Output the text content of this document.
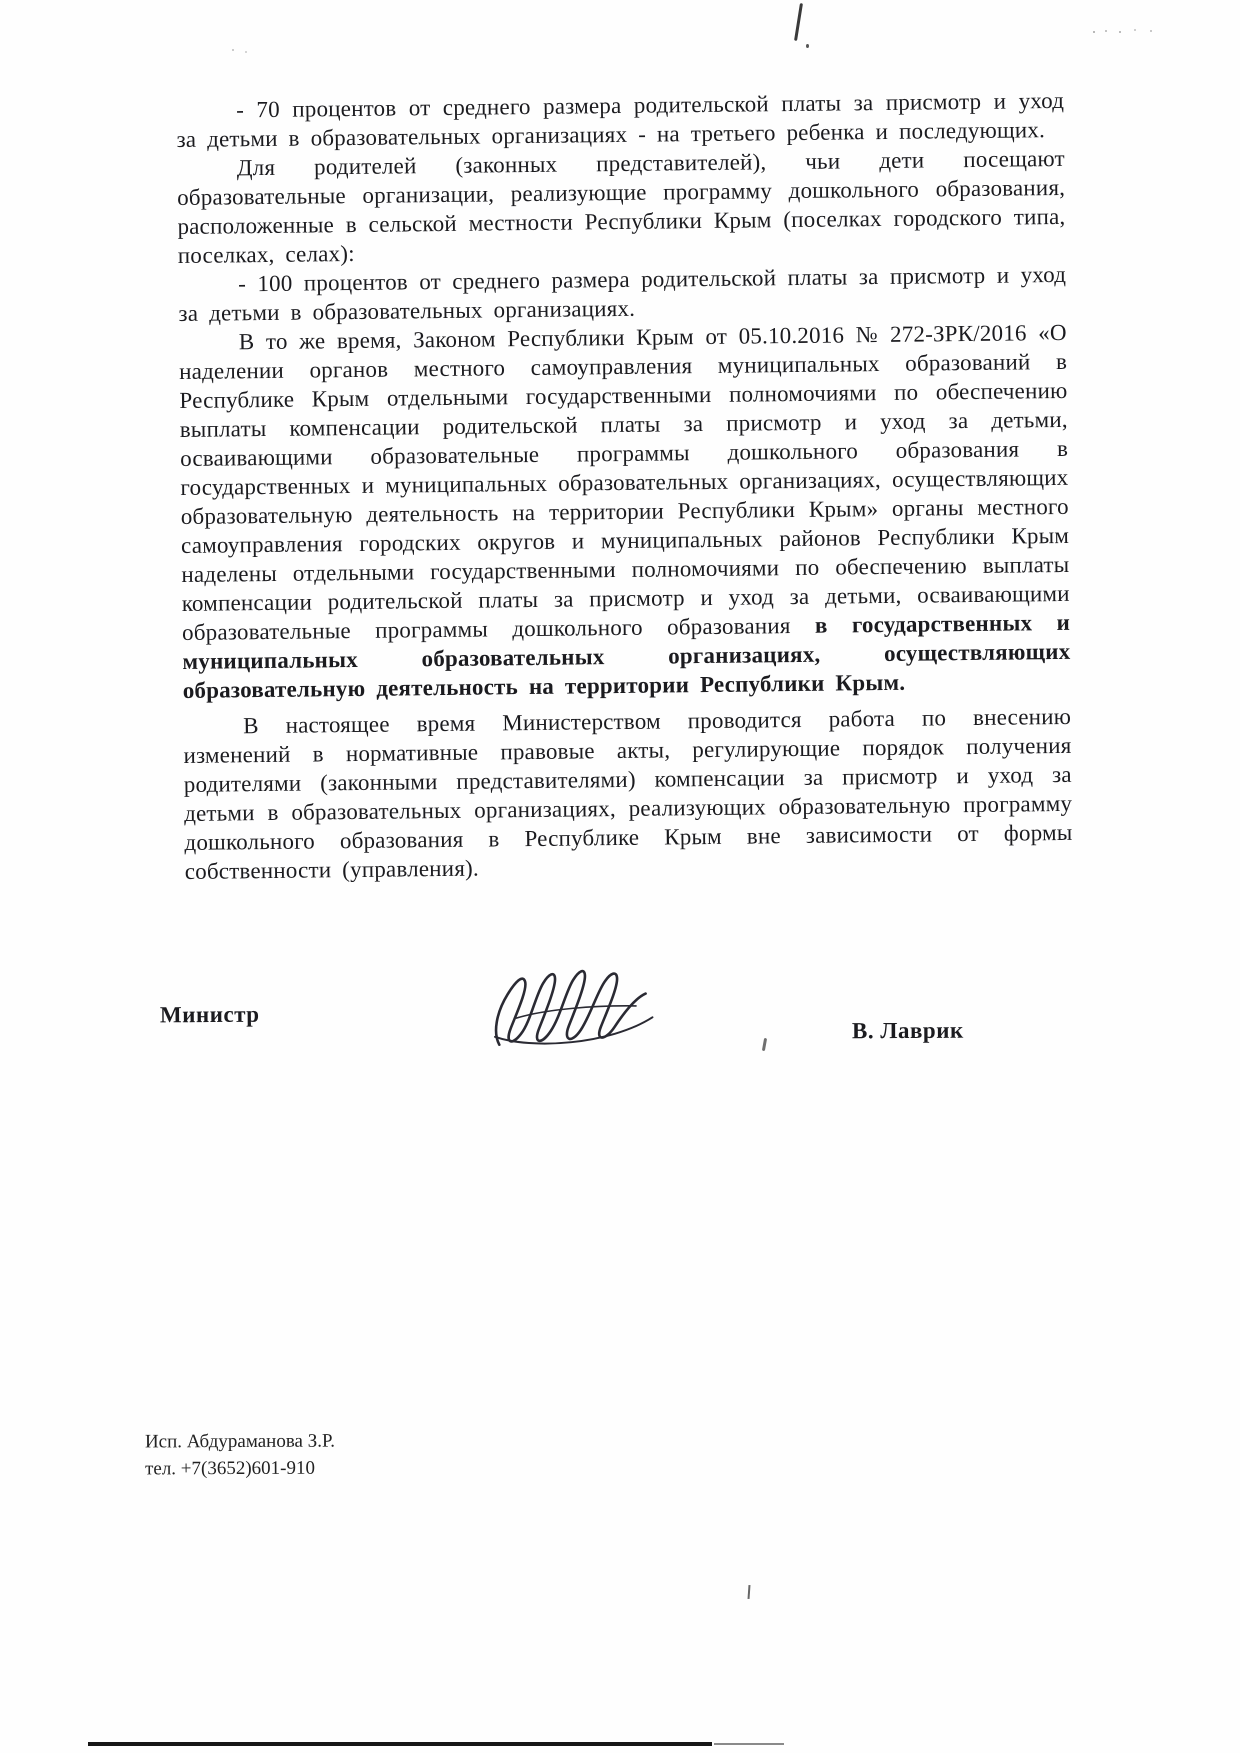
- 70 процентов от среднего размера родительской платы за присмотр и уход за детьми в образовательных организациях - на третьего ребенка и последующих.

Для родителей (законных представителей), чьи дети посещают образовательные организации, реализующие программу дошкольного образования, расположенные в сельской местности Республики Крым (поселках городского типа, поселках, селах):

- 100 процентов от среднего размера родительской платы за присмотр и уход за детьми в образовательных организациях.

В то же время, Законом Республики Крым от 05.10.2016 № 272-ЗРК/2016 «О наделении органов местного самоуправления муниципальных образований в Республике Крым отдельными государственными полномочиями по обеспечению выплаты компенсации родительской платы за присмотр и уход за детьми, осваивающими образовательные программы дошкольного образования в государственных и муниципальных образовательных организациях, осуществляющих образовательную деятельность на территории Республики Крым» органы местного самоуправления городских округов и муниципальных районов Республики Крым наделены отдельными государственными полномочиями по обеспечению выплаты компенсации родительской платы за присмотр и уход за детьми, осваивающими образовательные программы дошкольного образования в государственных и муниципальных образовательных организациях, осуществляющих образовательную деятельность на территории Республики Крым.

В настоящее время Министерством проводится работа по внесению изменений в нормативные правовые акты, регулирующие порядок получения родителями (законными представителями) компенсации за присмотр и уход за детьми в образовательных организациях, реализующих образовательную программу дошкольного образования в Республике Крым вне зависимости от формы собственности (управления).

Министр
В. Лаврик
Исп. Абдураманова З.Р.
тел. +7(3652)601-910
